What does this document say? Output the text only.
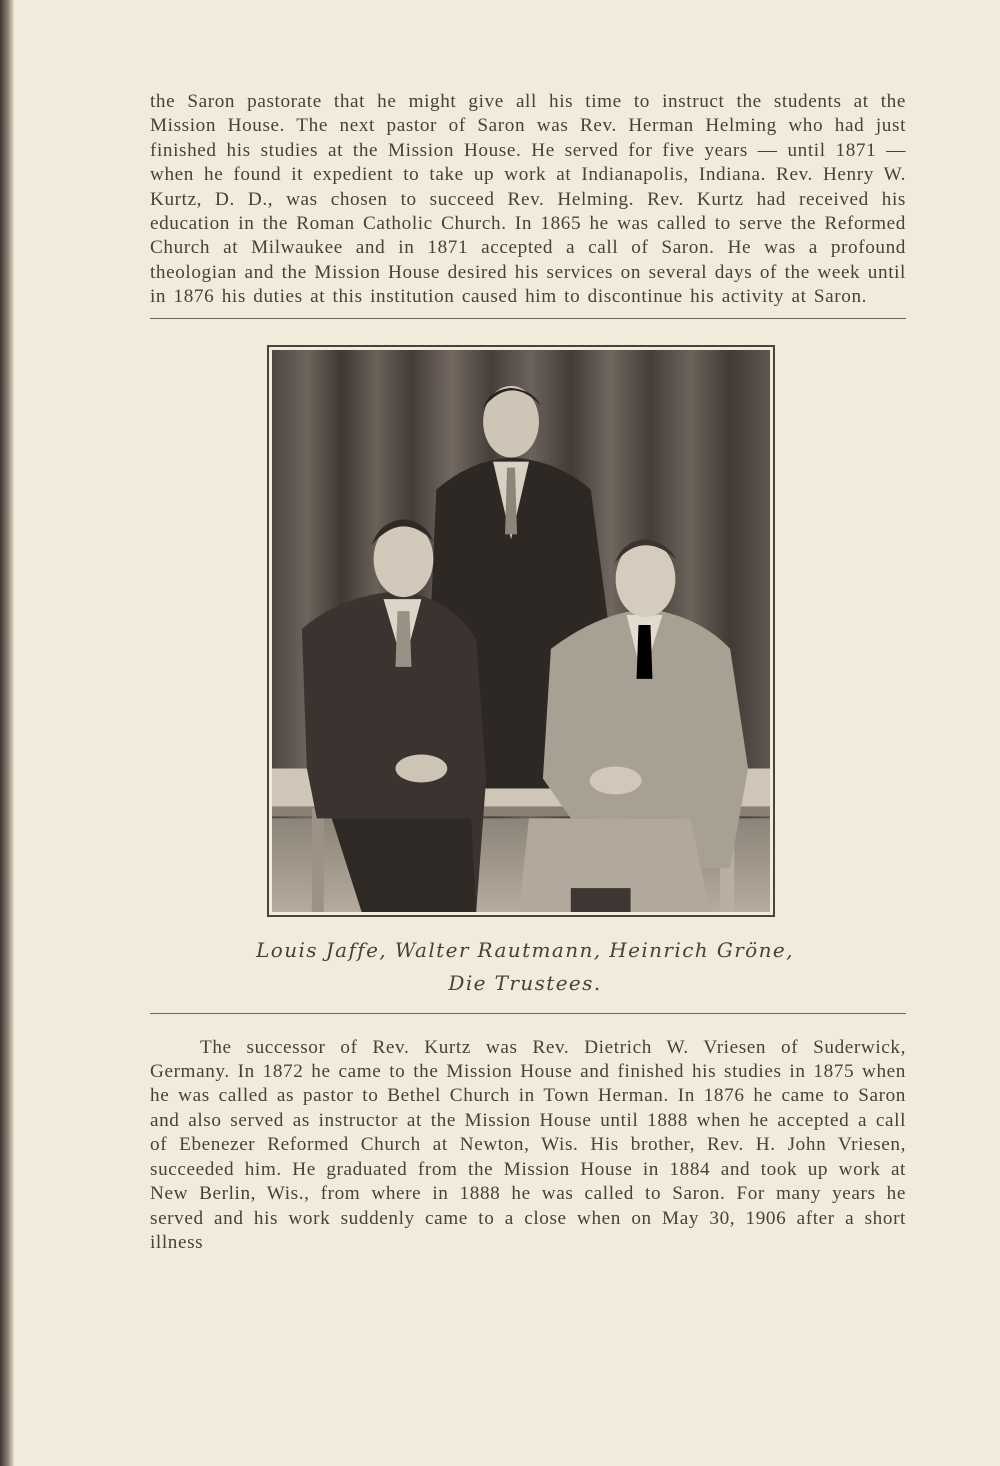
the Saron pastorate that he might give all his time to instruct the students at the Mission House. The next pastor of Saron was Rev. Herman Helming who had just finished his studies at the Mission House. He served for five years — until 1871 — when he found it expedient to take up work at Indianapolis, Indiana. Rev. Henry W. Kurtz, D. D., was chosen to succeed Rev. Helming. Rev. Kurtz had received his education in the Roman Catholic Church. In 1865 he was called to serve the Reformed Church at Milwaukee and in 1871 accepted a call of Saron. He was a profound theologian and the Mission House desired his services on several days of the week until in 1876 his duties at this institution caused him to discontinue his activity at Saron.

Louis Jaffe, Walter Rautmann, Heinrich Gröne,
Die Trustees.

The successor of Rev. Kurtz was Rev. Dietrich W. Vriesen of Suderwick, Germany. In 1872 he came to the Mission House and finished his studies in 1875 when he was called as pastor to Bethel Church in Town Herman. In 1876 he came to Saron and also served as instructor at the Mission House until 1888 when he accepted a call of Ebenezer Reformed Church at Newton, Wis. His brother, Rev. H. John Vriesen, succeeded him. He graduated from the Mission House in 1884 and took up work at New Berlin, Wis., from where in 1888 he was called to Saron. For many years he served and his work suddenly came to a close when on May 30, 1906 after a short illness
